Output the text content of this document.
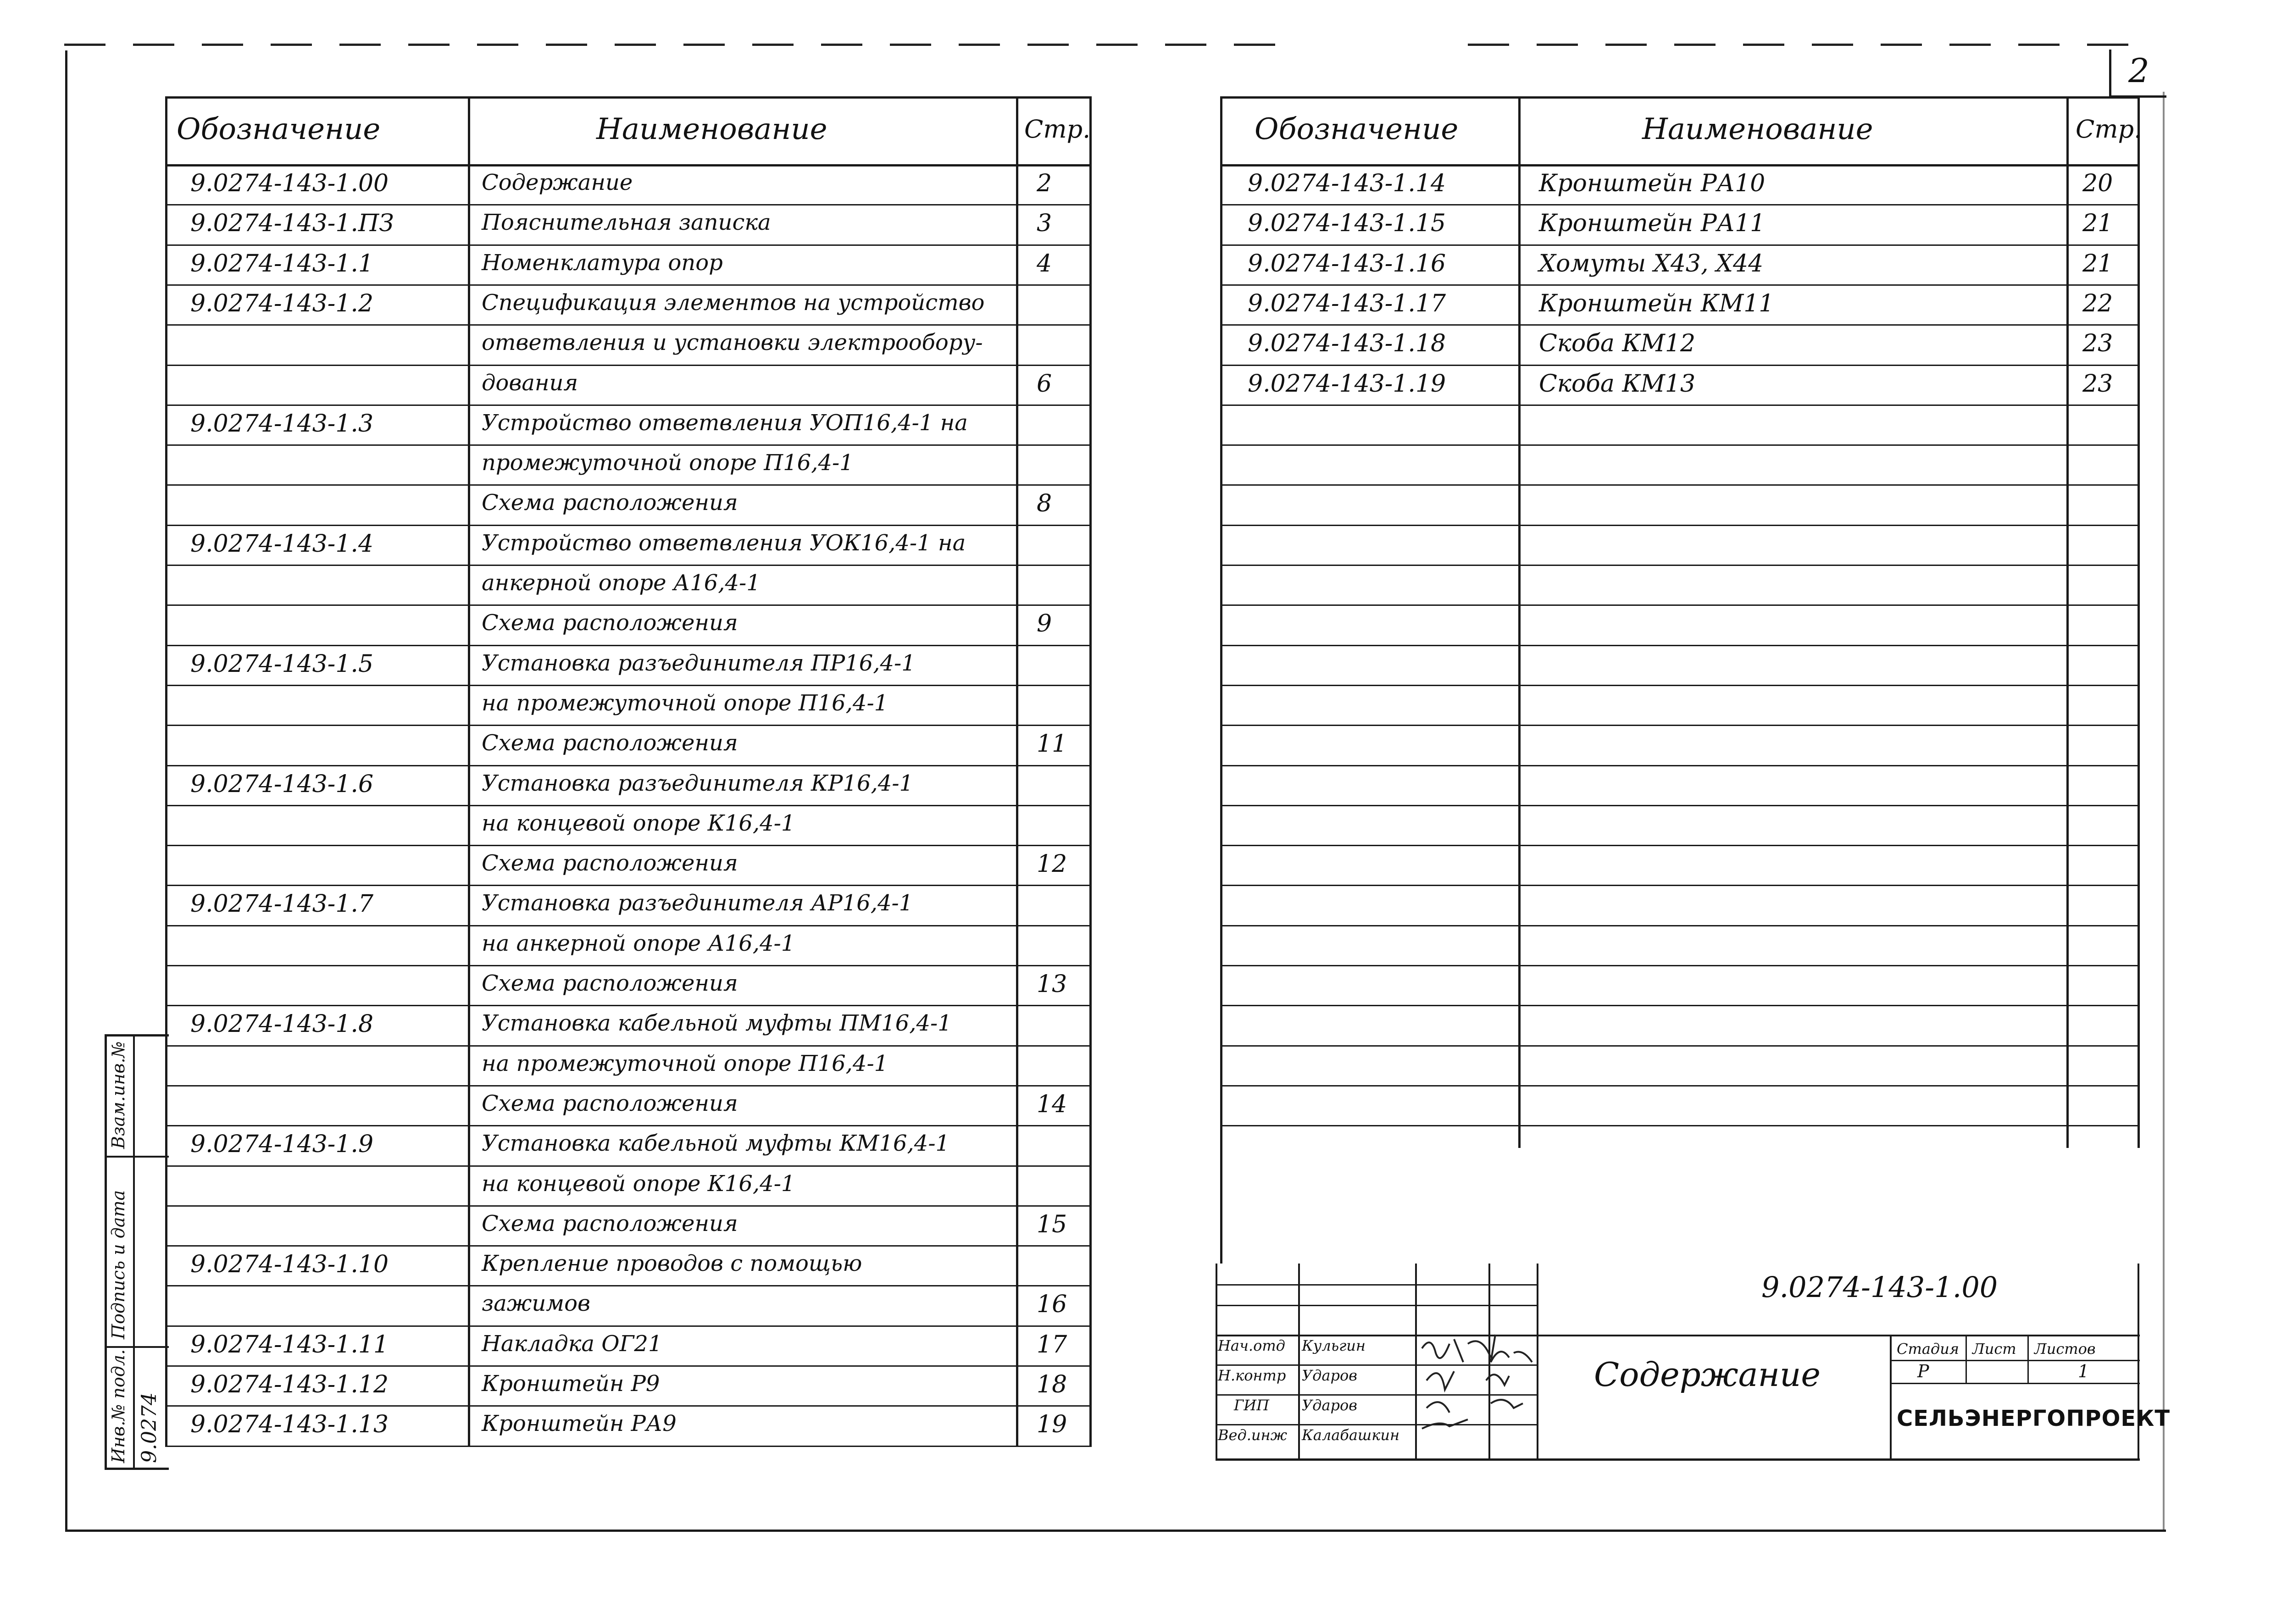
2
Обозначение	Наименование	Стр.
9.0274-143-1.00	Содержание	2
9.0274-143-1.ПЗ	Пояснительная записка	3
9.0274-143-1.1	Номенклатура опор	4
9.0274-143-1.2	Спецификация элементов на устройство
ответвления и установки электрообору-
дования	6
9.0274-143-1.3	Устройство ответвления УОП16,4-1 на
промежуточной опоре П16,4-1
Схема расположения	8
9.0274-143-1.4	Устройство ответвления УОК16,4-1 на
анкерной опоре А16,4-1
Схема расположения	9
9.0274-143-1.5	Установка разъединителя ПР16,4-1
на промежуточной опоре П16,4-1
Схема расположения	11
9.0274-143-1.6	Установка разъединителя КР16,4-1
на концевой опоре К16,4-1
Схема расположения	12
9.0274-143-1.7	Установка разъединителя АР16,4-1
на анкерной опоре А16,4-1
Схема расположения	13
9.0274-143-1.8	Установка кабельной муфты ПМ16,4-1
на промежуточной опоре П16,4-1
Схема расположения	14
9.0274-143-1.9	Установка кабельной муфты КМ16,4-1
на концевой опоре К16,4-1
Схема расположения	15
9.0274-143-1.10	Крепление проводов с помощью
зажимов	16
9.0274-143-1.11	Накладка ОГ21	17
9.0274-143-1.12	Кронштейн Р9	18
9.0274-143-1.13	Кронштейн РА9	19
Обозначение	Наименование	Стр.
9.0274-143-1.14	Кронштейн РА10	20
9.0274-143-1.15	Кронштейн РА11	21
9.0274-143-1.16	Хомуты Х43, Х44	21
9.0274-143-1.17	Кронштейн КМ11	22
9.0274-143-1.18	Скоба КМ12	23
9.0274-143-1.19	Скоба КМ13	23
Взам.инв.№
Подпись и дата
Инв.№ подл. 9.0274
9.0274-143-1.00
Содержание
Стадия Лист Листов
Р	1
СЕЛЬЭНЕРГОПРОЕКТ
Нач.отд Кульгин
Н.контр Ударов
ГИП Ударов
Вед.инж Калабашкин
